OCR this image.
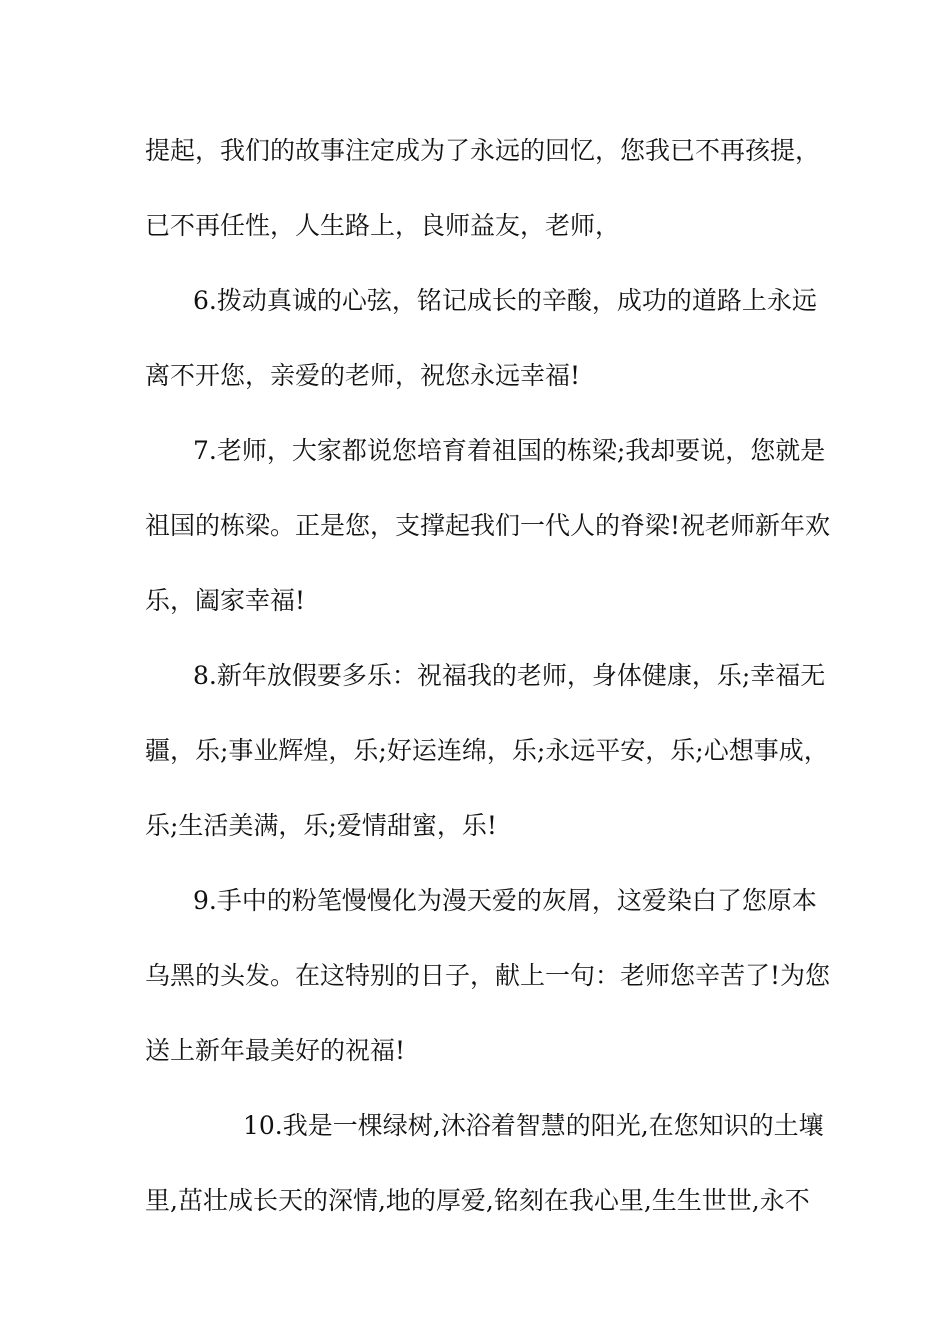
提起，我们的故事注定成为了永远的回忆，您我已不再孩提，
已不再任性，人生路上，良师益友，老师，
6.拨动真诚的心弦，铭记成长的辛酸，成功的道路上永远
离不开您，亲爱的老师，祝您永远幸福!
7.老师，大家都说您培育着祖国的栋梁;我却要说，您就是
祖国的栋梁。正是您，支撑起我们一代人的脊梁!祝老师新年欢
乐，阖家幸福!
8.新年放假要多乐：祝福我的老师，身体健康，乐;幸福无
疆，乐;事业辉煌，乐;好运连绵，乐;永远平安，乐;心想事成，
乐;生活美满，乐;爱情甜蜜，乐!
9.手中的粉笔慢慢化为漫天爱的灰屑，这爱染白了您原本
乌黑的头发。在这特别的日子，献上一句：老师您辛苦了!为您
送上新年最美好的祝福!
10.我是一棵绿树,沐浴着智慧的阳光,在您知识的土壤
里,茁壮成长天的深情,地的厚爱,铭刻在我心里,生生世世,永不
